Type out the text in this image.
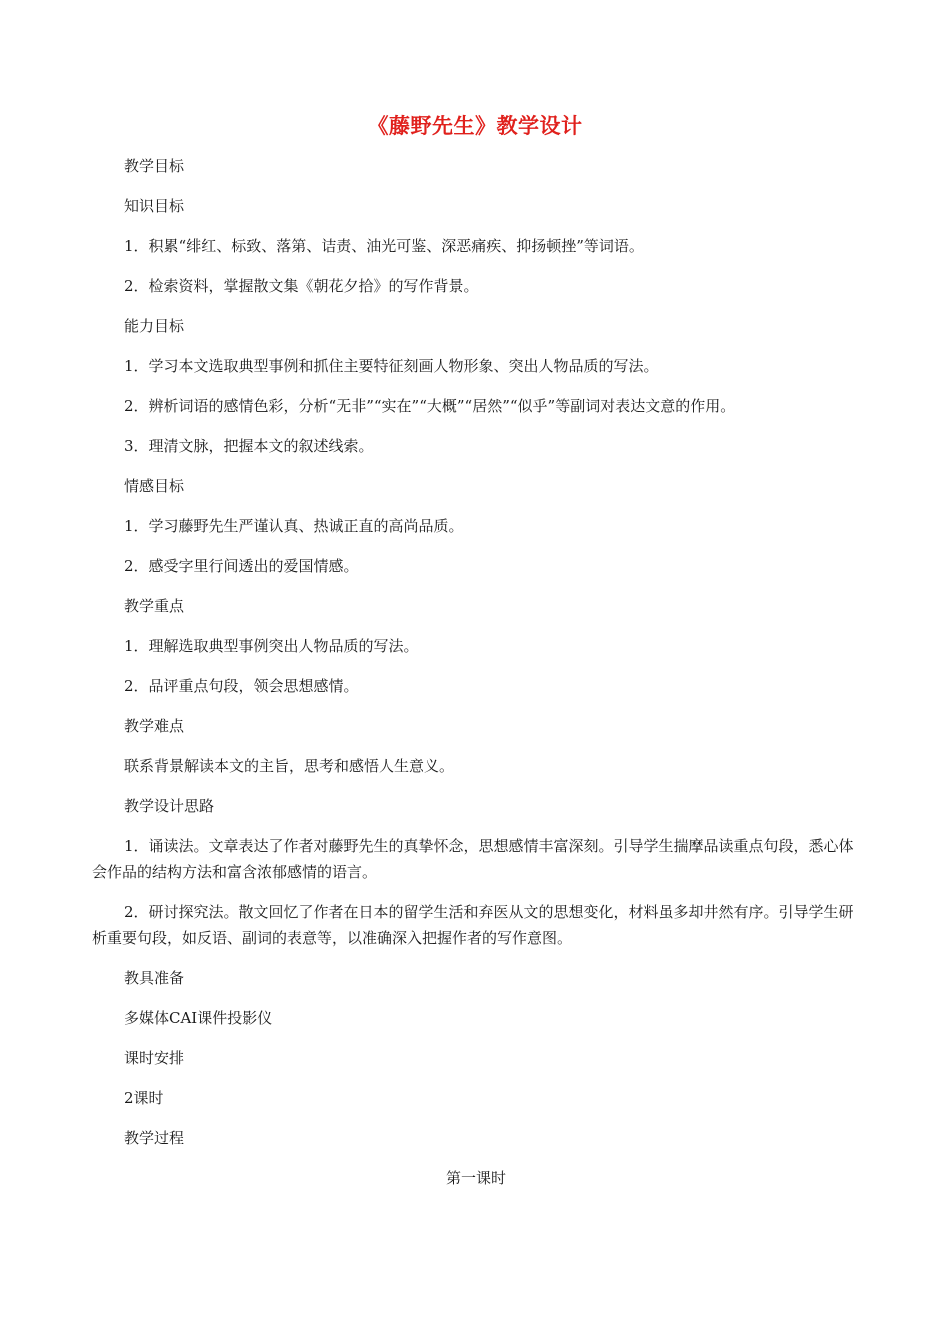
《藤野先生》教学设计

教学目标

知识目标

1．积累“绯红、标致、落第、诘责、油光可鉴、深恶痛疾、抑扬顿挫”等词语。

2．检索资料，掌握散文集《朝花夕拾》的写作背景。

能力目标

1．学习本文选取典型事例和抓住主要特征刻画人物形象、突出人物品质的写法。

2．辨析词语的感情色彩，分析“无非”“实在”“大概”“居然”“似乎”等副词对表达文意的作用。

3．理清文脉，把握本文的叙述线索。

情感目标

1．学习藤野先生严谨认真、热诚正直的高尚品质。

2．感受字里行间透出的爱国情感。

教学重点

1．理解选取典型事例突出人物品质的写法。

2．品评重点句段，领会思想感情。

教学难点

联系背景解读本文的主旨，思考和感悟人生意义。

教学设计思路

1．诵读法。文章表达了作者对藤野先生的真挚怀念，思想感情丰富深刻。引导学生揣摩品读重点句段，悉心体会作品的结构方法和富含浓郁感情的语言。

2．研讨探究法。散文回忆了作者在日本的留学生活和弃医从文的思想变化，材料虽多却井然有序。引导学生研析重要句段，如反语、副词的表意等，以准确深入把握作者的写作意图。

教具准备

多媒体CAI课件投影仪

课时安排

2课时

教学过程

第一课时
